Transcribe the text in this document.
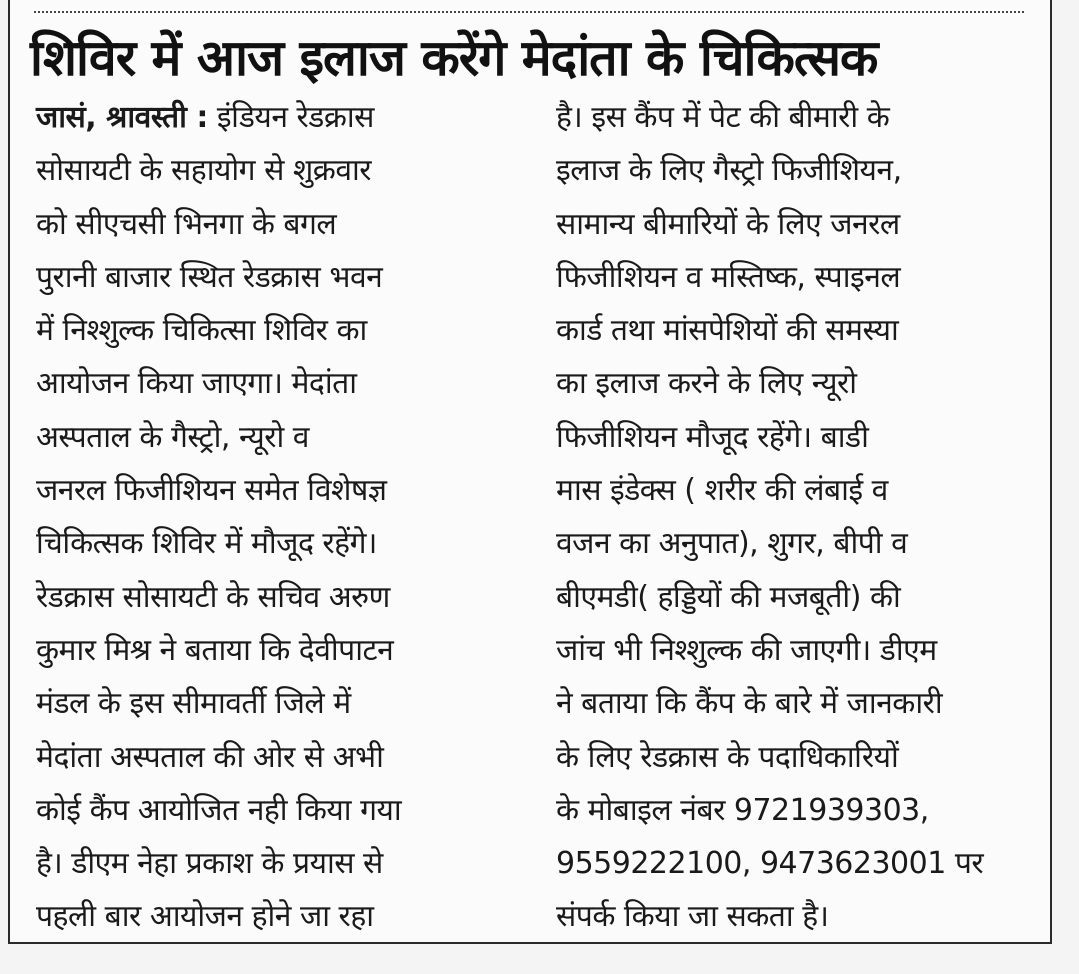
शिविर में आज इलाज करेंगे मेदांता के चिकित्सक
जासं, श्रावस्ती : इंडियन रेडक्रास
सोसायटी के सहायोग से शुक्रवार
को सीएचसी भिनगा के बगल
पुरानी बाजार स्थित रेडक्रास भवन
में निश्शुल्क चिकित्सा शिविर का
आयोजन किया जाएगा। मेदांता
अस्पताल के गैस्ट्रो, न्यूरो व
जनरल फिजीशियन समेत विशेषज्ञ
चिकित्सक शिविर में मौजूद रहेंगे।
रेडक्रास सोसायटी के सचिव अरुण
कुमार मिश्र ने बताया कि देवीपाटन
मंडल के इस सीमावर्ती जिले में
मेदांता अस्पताल की ओर से अभी
कोई कैंप आयोजित नही किया गया
है। डीएम नेहा प्रकाश के प्रयास से
पहली बार आयोजन होने जा रहा
है। इस कैंप में पेट की बीमारी के
इलाज के लिए गैस्ट्रो फिजीशियन,
सामान्य बीमारियों के लिए जनरल
फिजीशियन व मस्तिष्क, स्पाइनल
कार्ड तथा मांसपेशियों की समस्या
का इलाज करने के लिए न्यूरो
फिजीशियन मौजूद रहेंगे। बाडी
मास इंडेक्स ( शरीर की लंबाई व
वजन का अनुपात), शुगर, बीपी व
बीएमडी( हड्डियों की मजबूती) की
जांच भी निश्शुल्क की जाएगी। डीएम
ने बताया कि कैंप के बारे में जानकारी
के लिए रेडक्रास के पदाधिकारियों
के मोबाइल नंबर 9721939303,
9559222100, 9473623001 पर
संपर्क किया जा सकता है।
